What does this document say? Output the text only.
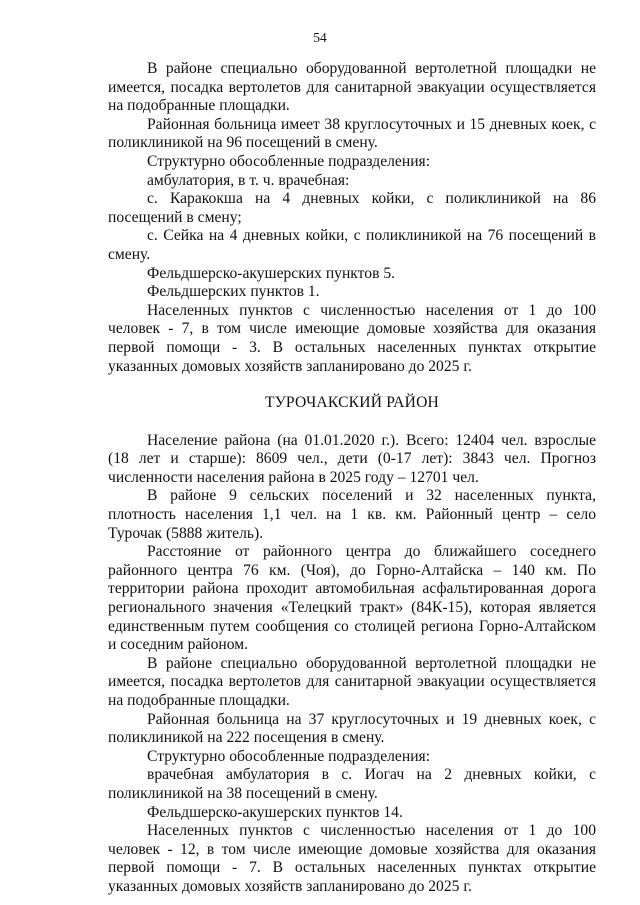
54

В районе специально оборудованной вертолетной площадки не имеется, посадка вертолетов для санитарной эвакуации осуществляется на подобранные площадки.

Районная больница имеет 38 круглосуточных и 15 дневных коек, с поликлиникой на 96 посещений в смену.

Структурно обособленные подразделения:

амбулатория, в т. ч. врачебная:

с. Каракокша на 4 дневных койки, с поликлиникой на 86 посещений в смену;

с. Сейка на 4 дневных койки, с поликлиникой на 76 посещений в смену.

Фельдшерско-акушерских пунктов 5.

Фельдшерских пунктов 1.

Населенных пунктов с численностью населения от 1 до 100 человек - 7, в том числе имеющие домовые хозяйства для оказания первой помощи - 3. В остальных населенных пунктах открытие указанных домовых хозяйств запланировано до 2025 г.

ТУРОЧАКСКИЙ РАЙОН

Население района (на 01.01.2020 г.). Всего: 12404 чел. взрослые (18 лет и старше): 8609 чел., дети (0-17 лет): 3843 чел. Прогноз численности населения района в 2025 году – 12701 чел.

В районе 9 сельских поселений и 32 населенных пункта, плотность населения 1,1 чел. на 1 кв. км. Районный центр – село Турочак (5888 житель).

Расстояние от районного центра до ближайшего соседнего районного центра 76 км. (Чоя), до Горно-Алтайска – 140 км. По территории района проходит автомобильная асфальтированная дорога регионального значения «Телецкий тракт» (84К-15), которая является единственным путем сообщения со столицей региона Горно-Алтайском и соседним районом.

В районе специально оборудованной вертолетной площадки не имеется, посадка вертолетов для санитарной эвакуации осуществляется на подобранные площадки.

Районная больница на 37 круглосуточных и 19 дневных коек, с поликлиникой на 222 посещения в смену.

Структурно обособленные подразделения:

врачебная амбулатория в с. Иогач на 2 дневных койки, с поликлиникой на 38 посещений в смену.

Фельдшерско-акушерских пунктов 14.

Населенных пунктов с численностью населения от 1 до 100 человек - 12, в том числе имеющие домовые хозяйства для оказания первой помощи - 7. В остальных населенных пунктах открытие указанных домовых хозяйств запланировано до 2025 г.
